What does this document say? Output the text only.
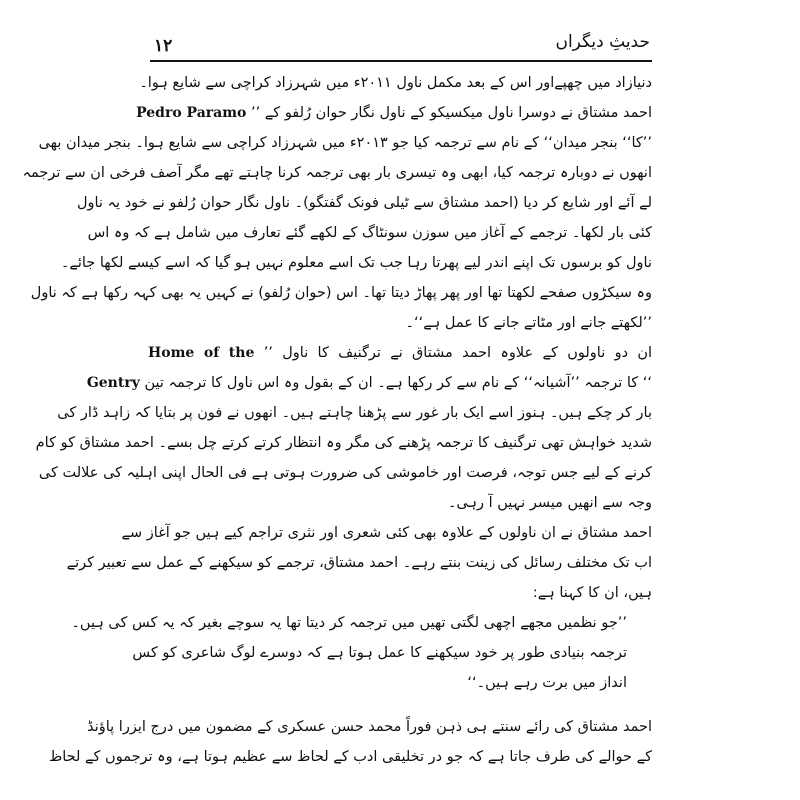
۱۲	حدیثِ دیگراں
دنیازاد میں چھپےاور اس کے بعد مکمل ناول ۲۰۱۱ء میں شہرزاد کراچی سے شایع ہوا۔
احمد مشتاق نے دوسرا ناول میکسیکو کے ناول نگار حوان رُلفو کے ’’ Pedro Paramo
’’کا‘‘ بنجر میدان‘‘ کے نام سے ترجمہ کیا جو ۲۰۱۳ء میں شہرزاد کراچی سے شایع ہوا۔ بنجر میدان بھی
انھوں نے دوبارہ ترجمہ کیا، ابھی وہ تیسری بار بھی ترجمہ کرنا چاہتے تھے مگر آصف فرخی ان سے ترجمہ
لے آئے اور شایع کر دیا (احمد مشتاق سے ٹیلی فونک گفتگو)۔ ناول نگار حوان رُلفو نے خود یہ ناول
کئی بار لکھا۔ ترجمے کے آغاز میں سوزن سونٹاگ کے لکھے گئے تعارف میں شامل ہے کہ وہ اس
ناول کو برسوں تک اپنے اندر لیے پھرتا رہا جب تک اسے معلوم نہیں ہو گیا کہ اسے کیسے لکھا جائے۔
وہ سیکڑوں صفحے لکھتا تھا اور پھر پھاڑ دیتا تھا۔ اس (حوان رُلفو) نے کہیں یہ بھی کہہ رکھا ہے کہ ناول
’’لکھتے جانے اور مٹاتے جانے کا عمل ہے‘‘۔
ان دو ناولوں کے علاوہ احمد مشتاق نے ترگنیف کا ناول ’’ Home of the
‘‘ کا ترجمہ ’’آشیانہ‘‘ کے نام سے کر رکھا ہے۔ ان کے بقول وہ اس ناول کا ترجمہ تین Gentry
بار کر چکے ہیں۔ ہنوز اسے ایک بار غور سے پڑھنا چاہتے ہیں۔ انھوں نے فون پر بتایا کہ زاہد ڈار کی
شدید خواہش تھی ترگنیف کا ترجمہ پڑھنے کی مگر وہ انتظار کرتے کرتے چل بسے۔ احمد مشتاق کو کام
کرنے کے لیے جس توجہ، فرصت اور خاموشی کی ضرورت ہوتی ہے فی الحال اپنی اہلیہ کی علالت کی
وجہ سے انھیں میسر نہیں آ رہی۔
احمد مشتاق نے ان ناولوں کے علاوہ بھی کئی شعری اور نثری تراجم کیے ہیں جو آغاز سے
اب تک مختلف رسائل کی زینت بنتے رہے۔ احمد مشتاق، ترجمے کو سیکھنے کے عمل سے تعبیر کرتے
ہیں، ان کا کہنا ہے:
’’جو نظمیں مجھے اچھی لگتی تھیں میں ترجمہ کر دیتا تھا یہ سوچے بغیر کہ یہ کس کی ہیں۔
ترجمہ بنیادی طور پر خود سیکھنے کا عمل ہوتا ہے کہ دوسرے لوگ شاعری کو کس
انداز میں برت رہے ہیں۔‘‘
احمد مشتاق کی رائے سنتے ہی ذہن فوراً محمد حسن عسکری کے مضمون میں درج ایزرا پاؤنڈ
کے حوالے کی طرف جاتا ہے کہ جو در تخلیقی ادب کے لحاظ سے عظیم ہوتا ہے، وہ ترجموں کے لحاظ
